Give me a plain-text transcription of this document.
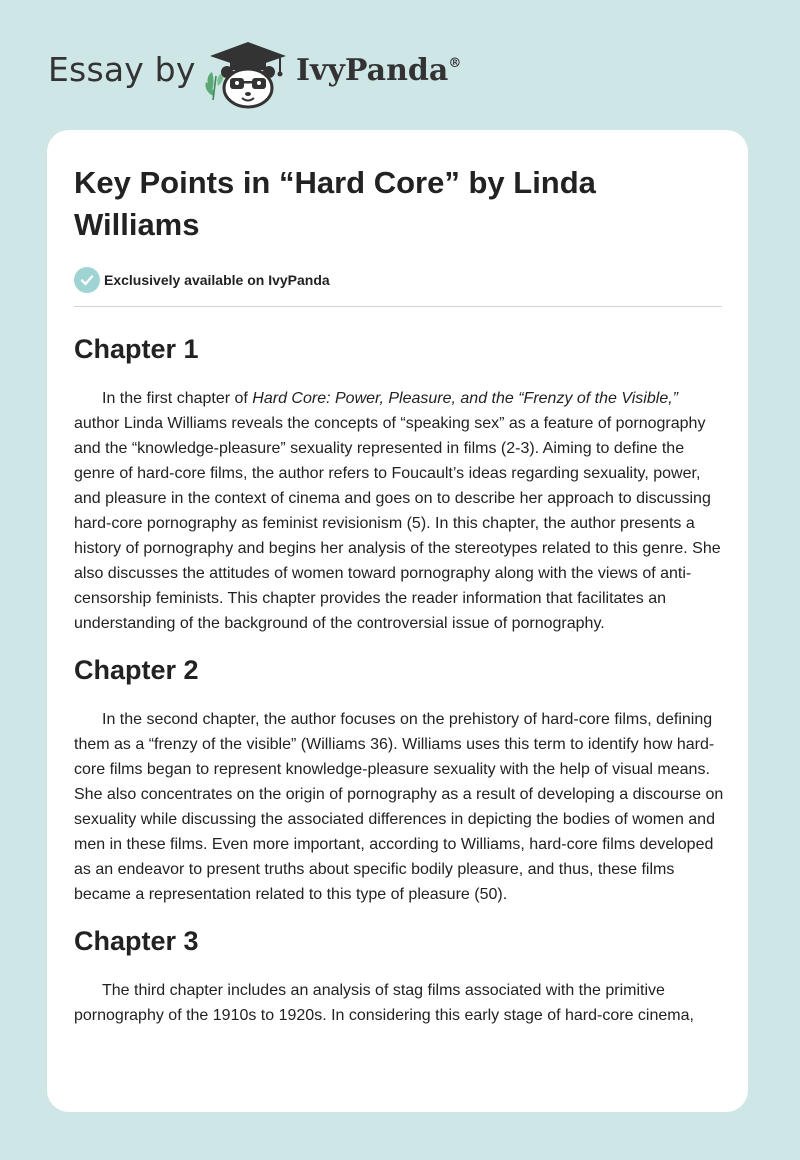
Essay by	IvyPanda®
Key Points in “Hard Core” by Linda Williams
Exclusively available on IvyPanda
Chapter 1

In the first chapter of Hard Core: Power, Pleasure, and the “Frenzy of the Visible,” author Linda Williams reveals the concepts of “speaking sex” as a feature of pornography and the “knowledge-pleasure” sexuality represented in films (2-3). Aiming to define the genre of hard-core films, the author refers to Foucault’s ideas regarding sexuality, power, and pleasure in the context of cinema and goes on to describe her approach to discussing hard-core pornography as feminist revisionism (5). In this chapter, the author presents a history of pornography and begins her analysis of the stereotypes related to this genre. She also discusses the attitudes of women toward pornography along with the views of anti-censorship feminists. This chapter provides the reader information that facilitates an understanding of the background of the controversial issue of pornography.

Chapter 2

In the second chapter, the author focuses on the prehistory of hard-core films, defining them as a “frenzy of the visible” (Williams 36). Williams uses this term to identify how hard-core films began to represent knowledge-pleasure sexuality with the help of visual means. She also concentrates on the origin of pornography as a result of developing a discourse on sexuality while discussing the associated differences in depicting the bodies of women and men in these films. Even more important, according to Williams, hard-core films developed as an endeavor to present truths about specific bodily pleasure, and thus, these films became a representation related to this type of pleasure (50).

Chapter 3

The third chapter includes an analysis of stag films associated with the primitive pornography of the 1910s to 1920s. In considering this early stage of hard-core cinema,
